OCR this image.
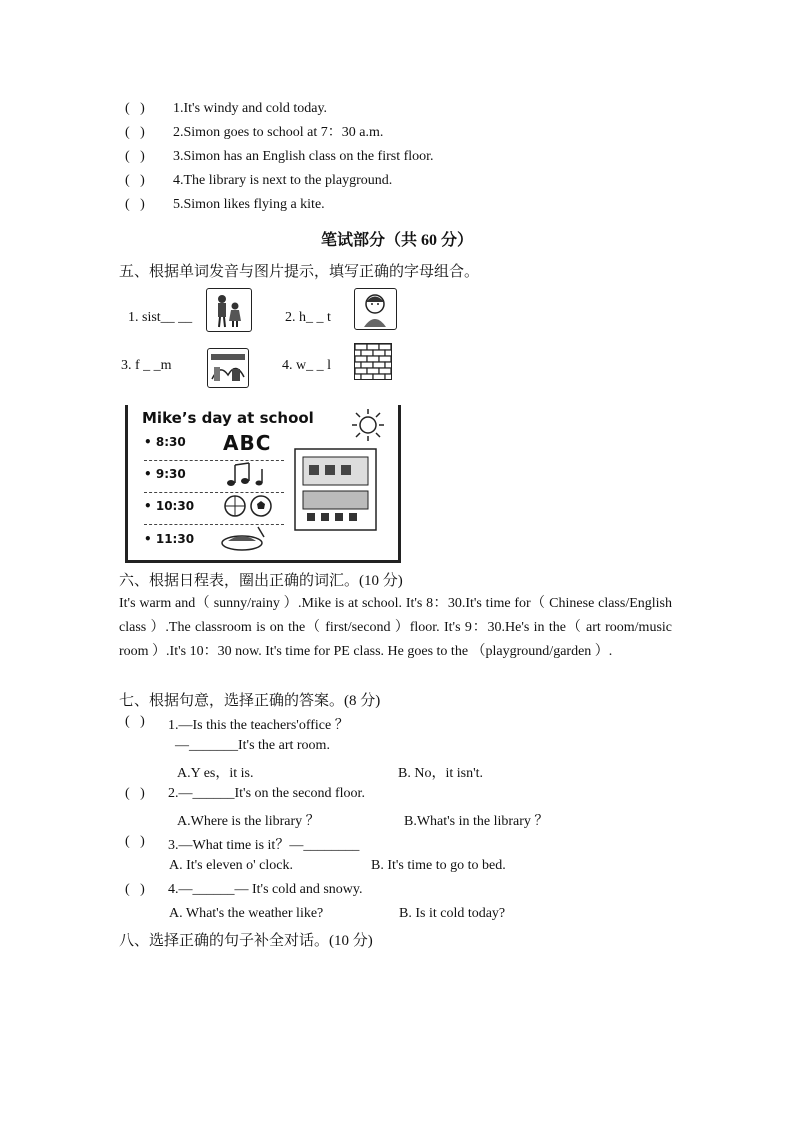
(   ) 1.It's windy and cold today.
(   ) 2.Simon goes to school at 7：30 a.m.
(   ) 3.Simon has an English class on the first floor.
(   ) 4.The library is next to the playground.
(   ) 5.Simon likes flying a kite.
笔试部分（共 60 分）
五、根据单词发音与图片提示，填写正确的字母组合。
1. sist__ __	2. h_ _ t
3. f _ _m	4. w_ _ l
Mike’s day at school
• 8:30
• 9:30
• 10:30
• 11:30
ABC
六、根据日程表，圈出正确的词汇。(10 分)
It's warm and（ sunny/rainy ）.Mike is at school. It's 8：30.It's time for（ Chinese class/English class ）.The classroom is on the（ first/second ）floor. It's 9：30.He's in the（ art room/music room ）.It's 10：30 now. It's time for PE class. He goes to the （playground/garden ）.
七、根据句意，选择正确的答案。(8 分)
(   ) 1.—Is this the teachers'office ？
—_______It's the art room.
A.Y es，it is.	B. No，it isn't.
(   ) 2.—______It's on the second floor.
A.Where is the library ？	B.What's in the library ？
(   ) 3.—What time is it？—________
A. It's eleven o' clock.	B. It's time to go to bed.
(   ) 4.—______— It's cold and snowy.
A. What's the weather like?	B. Is it cold today?
八、选择正确的句子补全对话。(10 分)
